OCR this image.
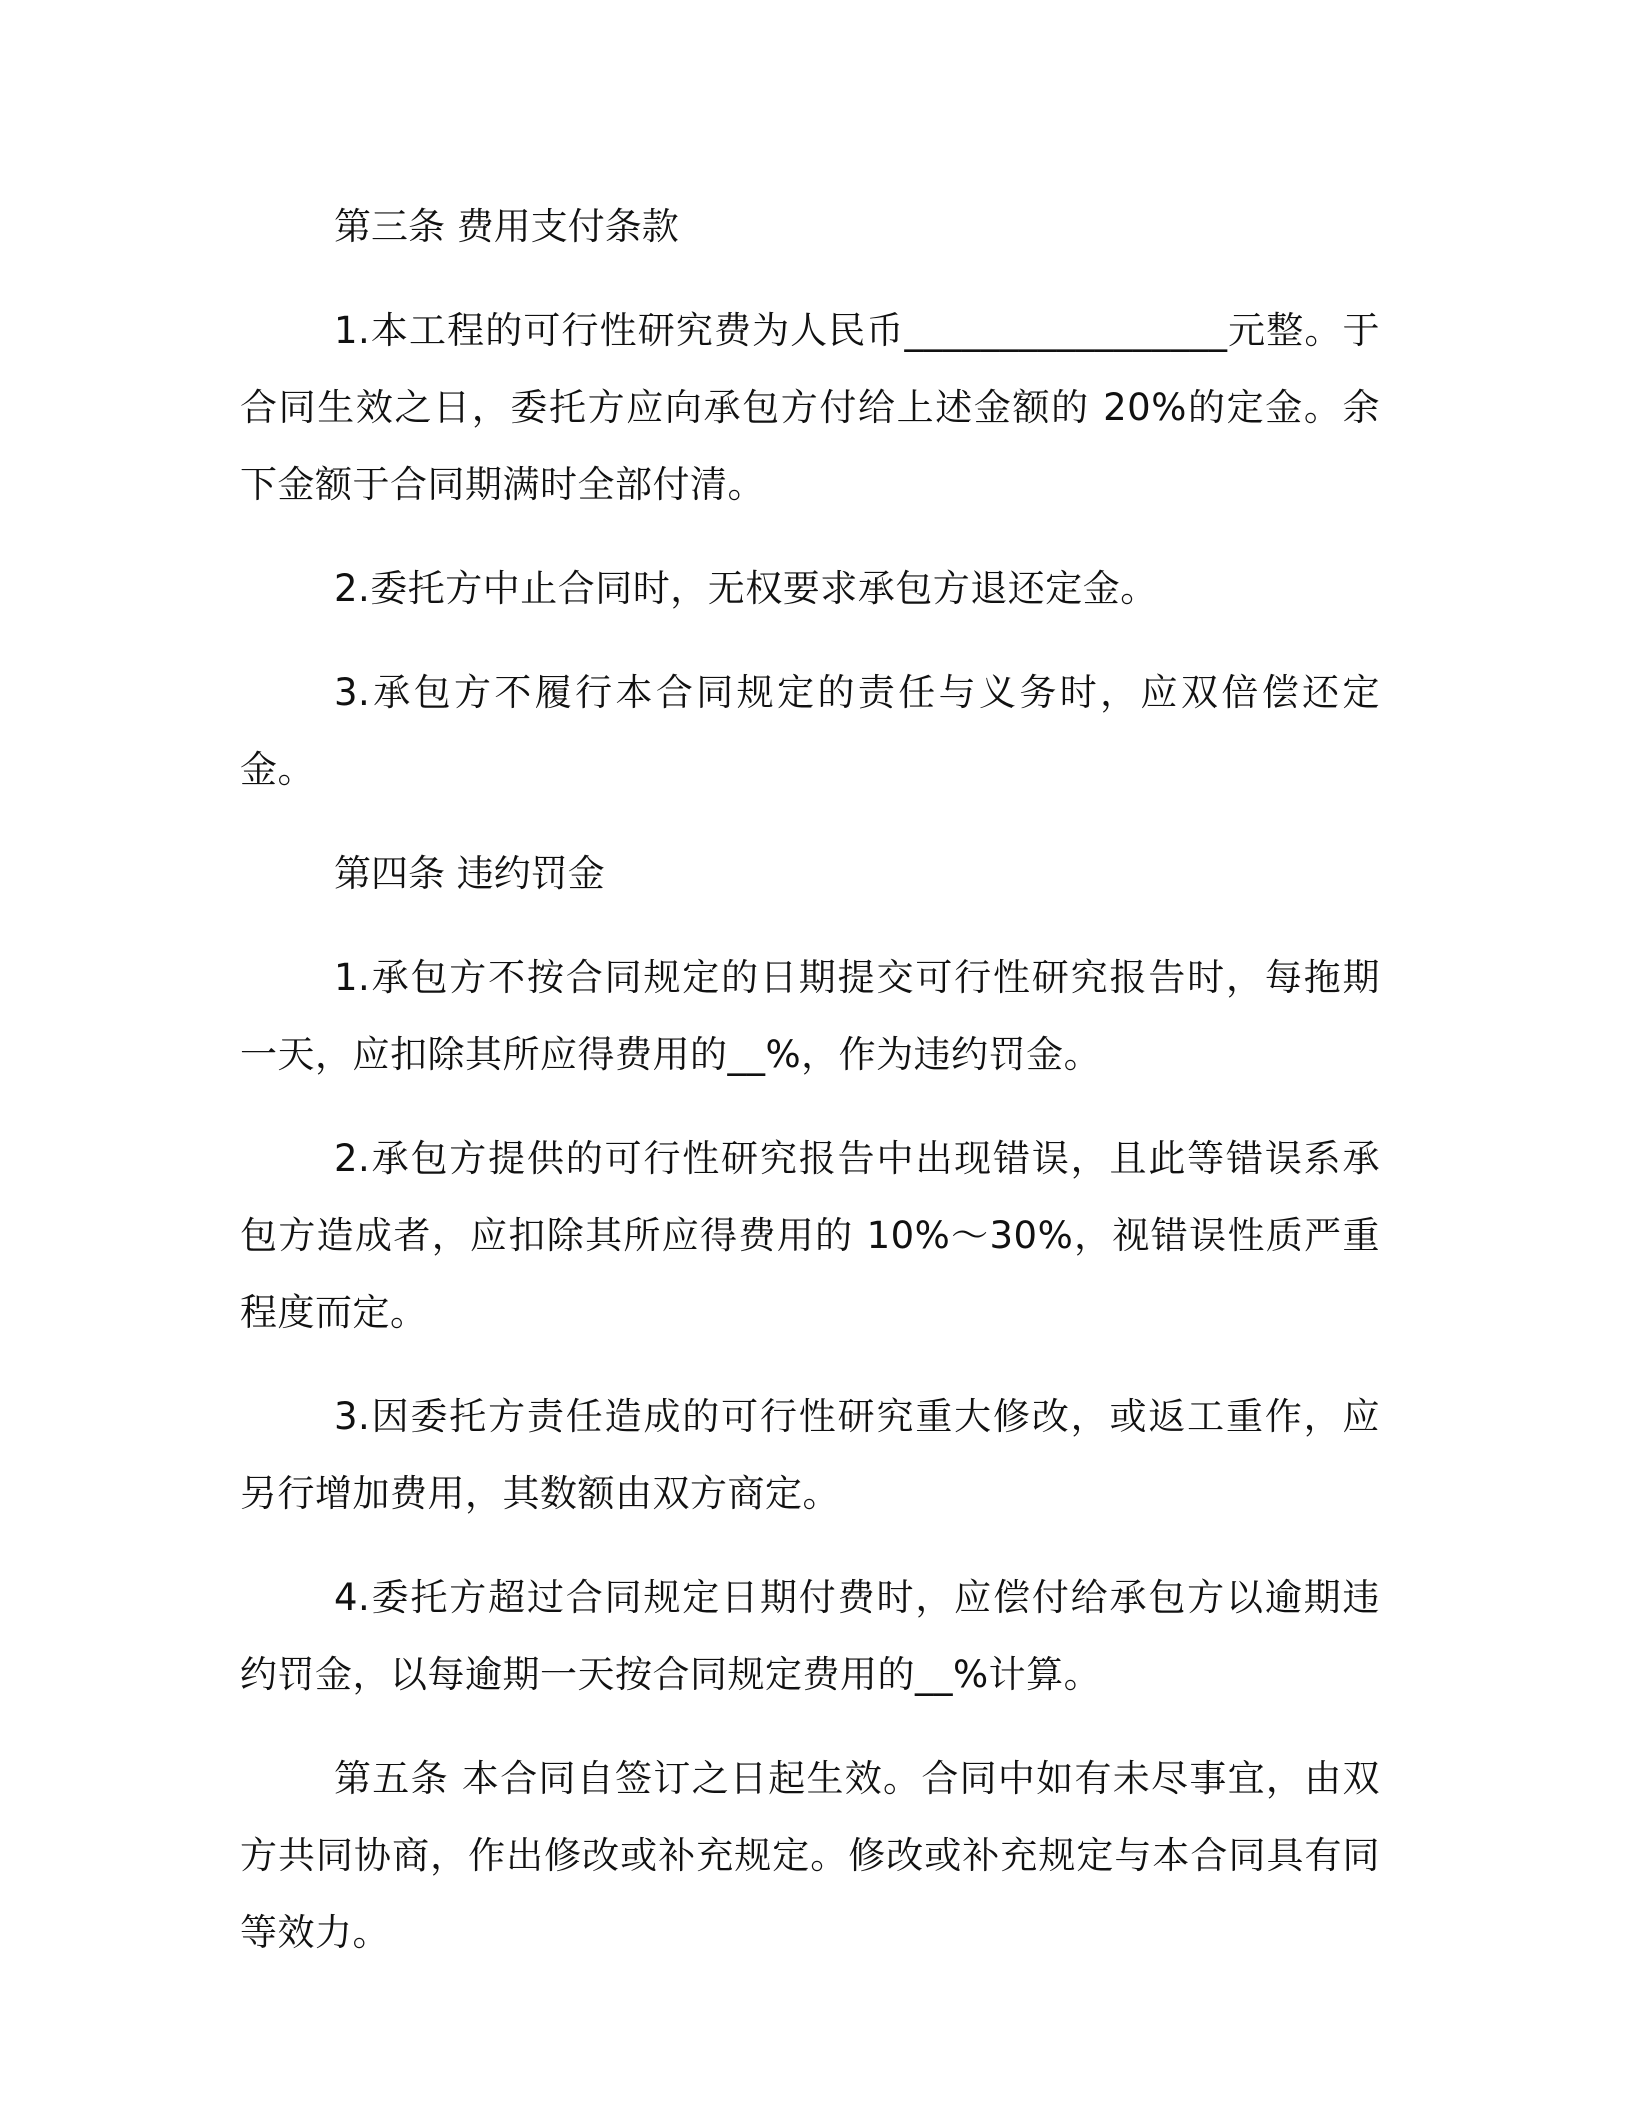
第三条 费用支付条款

1.本工程的可行性研究费为人民币_________________元整。于合同生效之日，委托方应向承包方付给上述金额的 20%的定金。余下金额于合同期满时全部付清。

2.委托方中止合同时，无权要求承包方退还定金。

3.承包方不履行本合同规定的责任与义务时，应双倍偿还定金。

第四条 违约罚金

1.承包方不按合同规定的日期提交可行性研究报告时，每拖期一天，应扣除其所应得费用的__%，作为违约罚金。

2.承包方提供的可行性研究报告中出现错误，且此等错误系承包方造成者，应扣除其所应得费用的 10%～30%，视错误性质严重程度而定。

3.因委托方责任造成的可行性研究重大修改，或返工重作，应另行增加费用，其数额由双方商定。

4.委托方超过合同规定日期付费时，应偿付给承包方以逾期违约罚金，以每逾期一天按合同规定费用的__%计算。

第五条 本合同自签订之日起生效。合同中如有未尽事宜，由双方共同协商，作出修改或补充规定。修改或补充规定与本合同具有同等效力。
